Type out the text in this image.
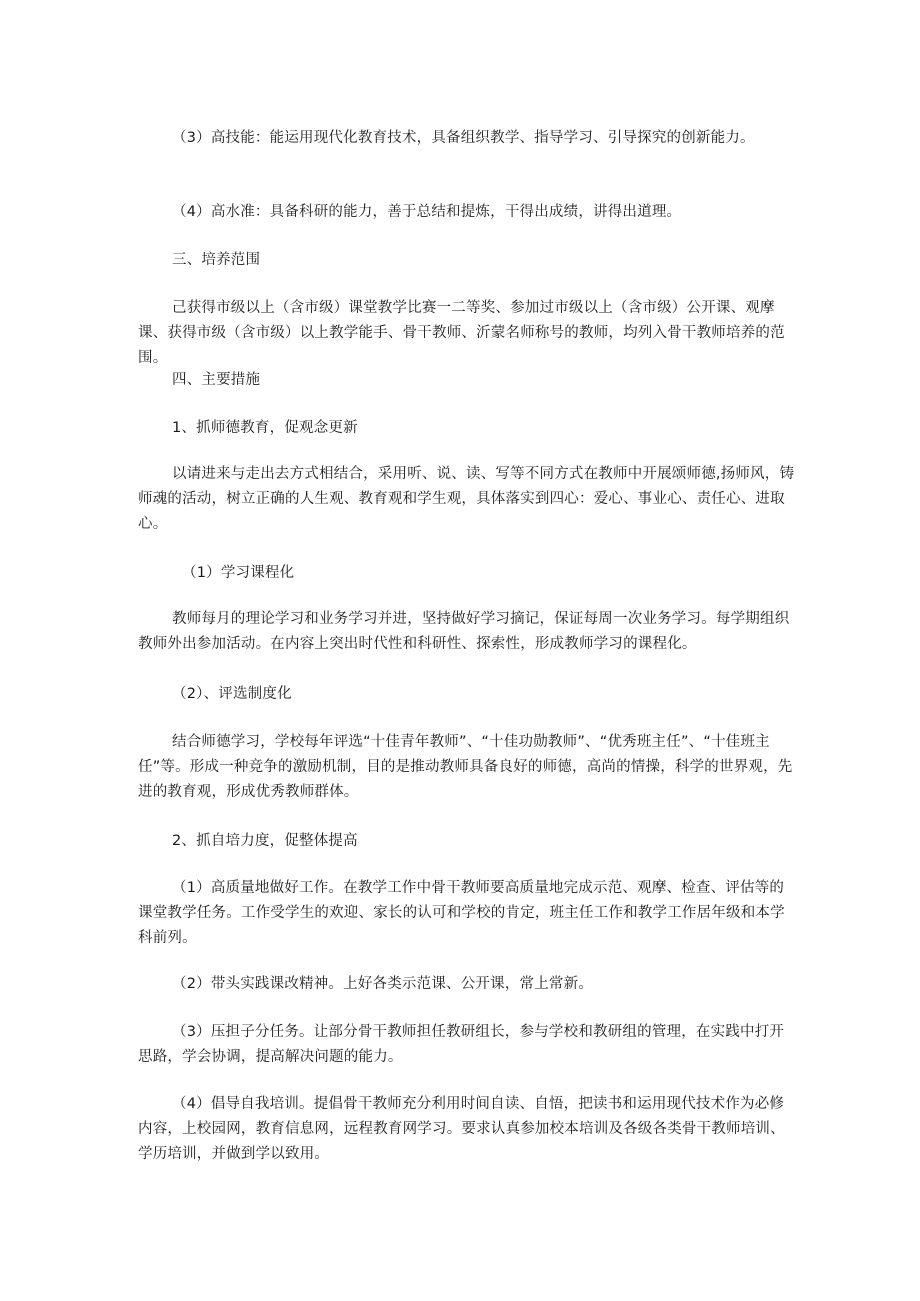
（3）高技能：能运用现代化教育技术，具备组织教学、指导学习、引导探究的创新能力。

（4）高水准：具备科研的能力，善于总结和提炼，干得出成绩，讲得出道理。

三、培养范围

己获得市级以上（含市级）课堂教学比赛一二等奖、参加过市级以上（含市级）公开课、观摩课、获得市级（含市级）以上教学能手、骨干教师、沂蒙名师称号的教师，均列入骨干教师培养的范围。

四、主要措施

1、抓师德教育，促观念更新

以请进来与走出去方式相结合，采用听、说、读、写等不同方式在教师中开展颂师德,扬师风，铸师魂的活动，树立正确的人生观、教育观和学生观，具体落实到四心：爱心、事业心、责任心、进取心。

（1）学习课程化

教师每月的理论学习和业务学习并进，坚持做好学习摘记，保证每周一次业务学习。每学期组织教师外出参加活动。在内容上突出时代性和科研性、探索性，形成教师学习的课程化。

（2）、评选制度化

结合师德学习，学校每年评选“十佳青年教师”、“十佳功勋教师”、“优秀班主任”、“十佳班主任”等。形成一种竞争的激励机制，目的是推动教师具备良好的师德，高尚的情操，科学的世界观，先进的教育观，形成优秀教师群体。

2、抓自培力度，促整体提高

（1）高质量地做好工作。在教学工作中骨干教师要高质量地完成示范、观摩、检查、评估等的课堂教学任务。工作受学生的欢迎、家长的认可和学校的肯定，班主任工作和教学工作居年级和本学科前列。

（2）带头实践课改精神。上好各类示范课、公开课，常上常新。

（3）压担子分任务。让部分骨干教师担任教研组长，参与学校和教研组的管理，在实践中打开思路，学会协调，提高解决问题的能力。

（4）倡导自我培训。提倡骨干教师充分利用时间自读、自悟，把读书和运用现代技术作为必修内容，上校园网，教育信息网，远程教育网学习。要求认真参加校本培训及各级各类骨干教师培训、学历培训，并做到学以致用。
